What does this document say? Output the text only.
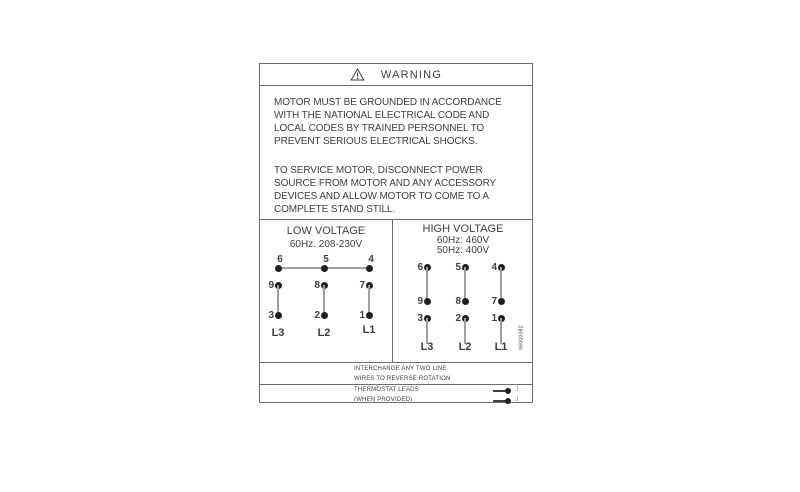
WARNING
MOTOR MUST BE GROUNDED IN ACCORDANCE
WITH THE NATIONAL ELECTRICAL CODE AND
LOCAL CODES BY TRAINED PERSONNEL TO
PREVENT SERIOUS ELECTRICAL SHOCKS.
TO SERVICE MOTOR, DISCONNECT POWER
SOURCE FROM MOTOR AND ANY ACCESSORY
DEVICES AND ALLOW MOTOR TO COME TO A
COMPLETE STAND STILL.
LOW VOLTAGE
60Hz. 208-230V
6	5	4
9	8	7
3	2	1
L3	L2	L1
HIGH VOLTAGE
60Hz: 460V
50Hz: 400V
6	5	4
9	8	7
3	2	1
L3	L2	L1	96000082
INTERCHANGE ANY TWO LINE
WIRES TO REVERSE ROTATION
THERMOSTAT LEADS
(WHEN PROVIDED)
J
J
